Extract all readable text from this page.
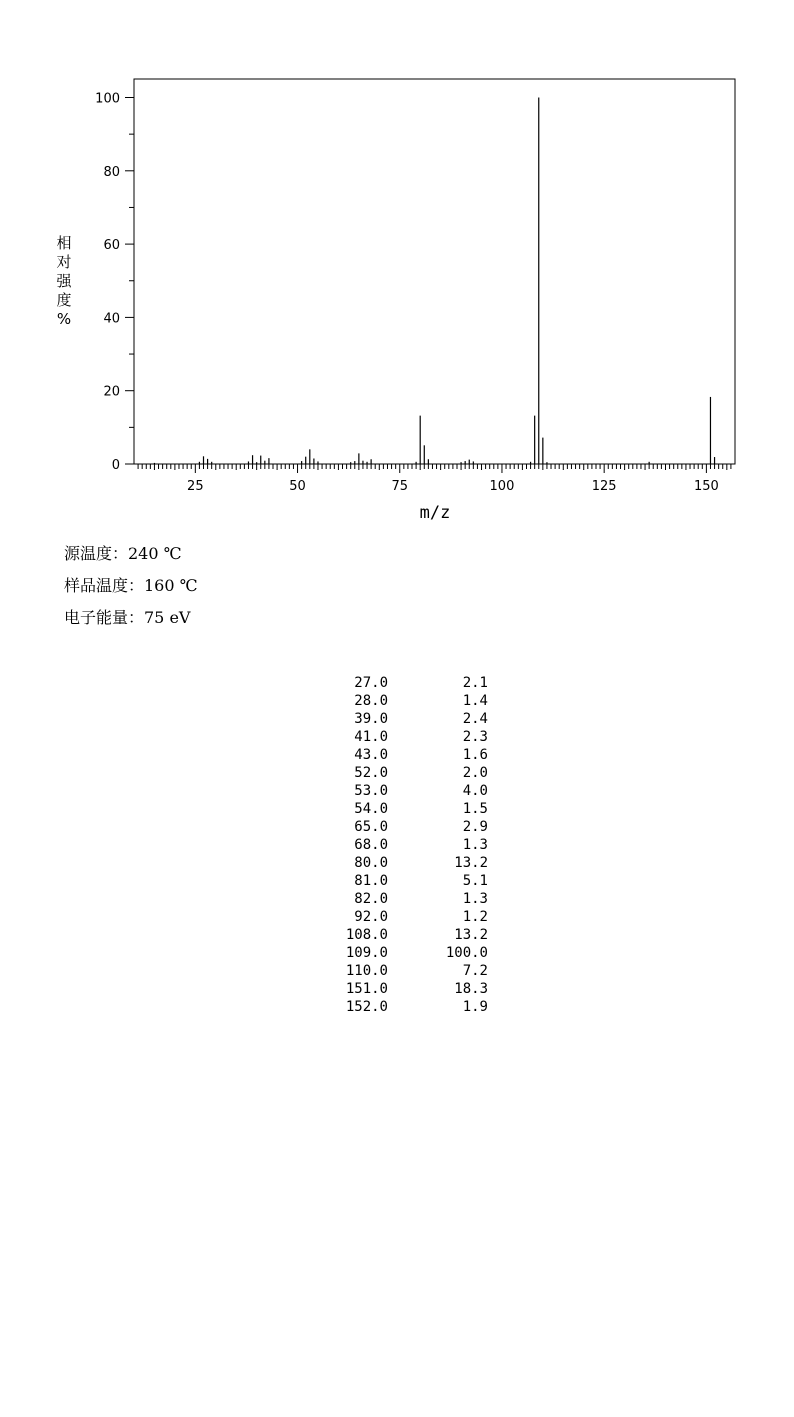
0
20
40
60
80
100
25	50	75	100	125	150
m/z
相
对
强
度
%
源温度：240 ℃
样品温度：160 ℃
电子能量：75 eV
27.0	2.1
28.0	1.4
39.0	2.4
41.0	2.3
43.0	1.6
52.0	2.0
53.0	4.0
54.0	1.5
65.0	2.9
68.0	1.3
80.0	13.2
81.0	5.1
82.0	1.3
92.0	1.2
108.0	13.2
109.0	100.0
110.0	7.2
151.0	18.3
152.0	1.9
